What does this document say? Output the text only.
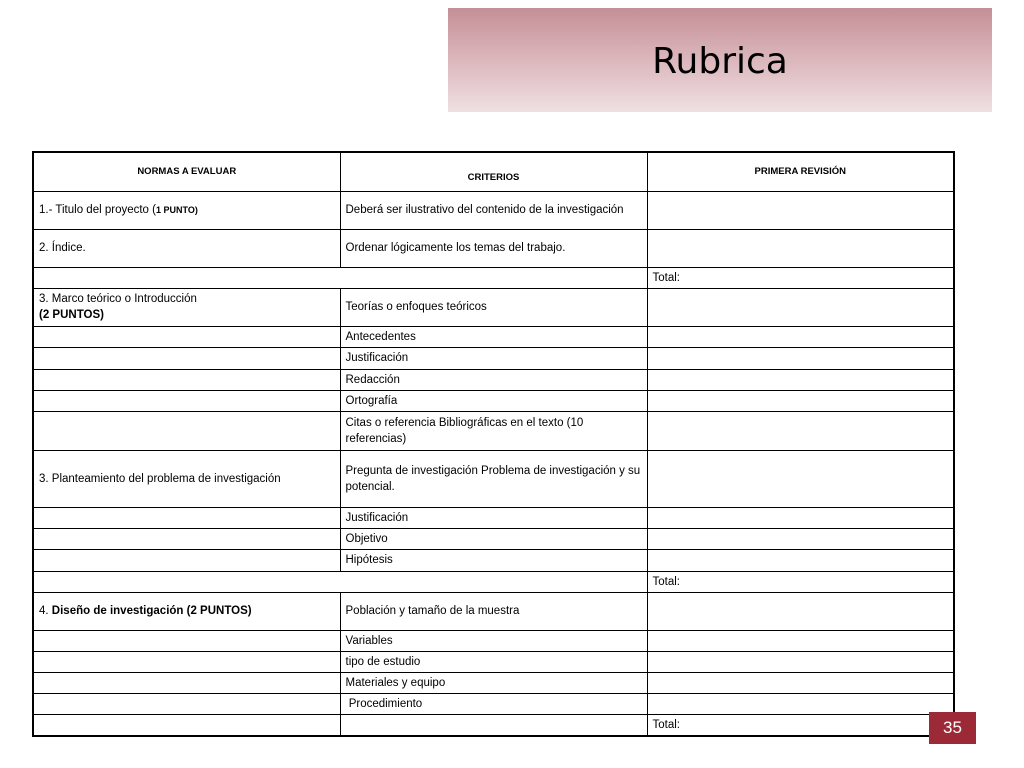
Rubrica
NORMAS A EVALUAR	CRITERIOS	PRIMERA REVISIÓN
1.- Titulo del proyecto (1 PUNTO)	Deberá ser ilustrativo del contenido de la investigación	
2. Índice.	Ordenar lógicamente los temas del trabajo.	
		Total:

3. Marco teórico o Introducción
(2 PUNTOS)	Teorías o enfoques teóricos	
	Antecedentes	
	Justificación	
	Redacción	
	Ortografía	
	Citas o referencia Bibliográficas en el texto (10 referencias)	
3. Planteamiento del problema de investigación	Pregunta de investigación Problema de investigación y su potencial.	
	Justificación	
	Objetivo	
	Hipótesis	
		Total:
4. Diseño de investigación (2 PUNTOS)	Población y tamaño de la muestra	
	Variables	
	tipo de estudio	
	Materiales y equipo	
	Procedimiento	
		Total:	35
